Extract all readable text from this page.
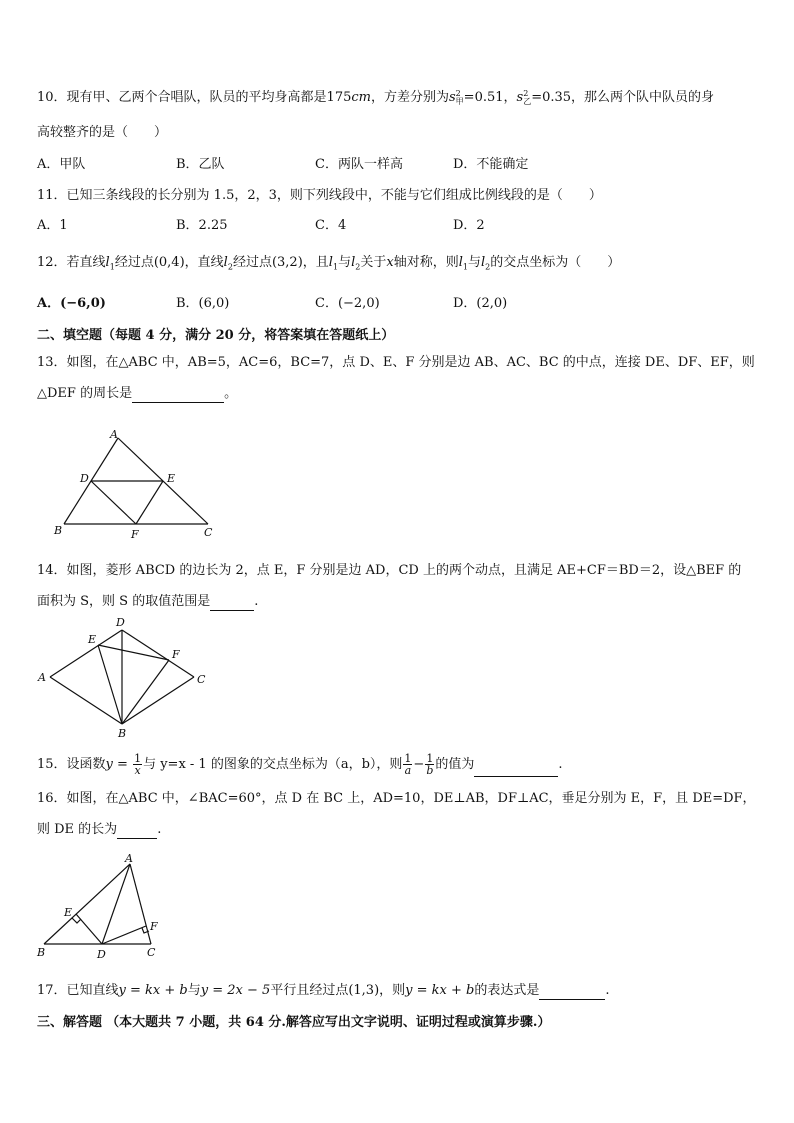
10．现有甲、乙两个合唱队，队员的平均身高都是175cm，方差分别为s 2
甲 =0.51，s 2
乙 =0.35，那么两个队中队员的身
高较整齐的是（　　）
A．甲队	B．乙队	C．两队一样高	D．不能确定
11．已知三条线段的长分别为 1.5，2，3，则下列线段中，不能与它们组成比例线段的是（　　）
A．1	B．2.25	C．4	D．2
12．若直线$l_1$经过点(0,4)，直线$l_2$经过点(3,2)，且$l_1$与$l_2$关于x轴对称，则$l_1$与$l_2$的交点坐标为（　　）
A．(−6,0)	B．(6,0)	C．(−2,0)	D．(2,0)
二、填空题（每题 4 分，满分 20 分，将答案填在答题纸上）
13．如图，在△ABC 中，AB=5，AC=6，BC=7，点 D、E、F 分别是边 AB、AC、BC 的中点，连接 DE、DF、EF，则
△DEF 的周长是	。
A
B	C
D	E
F
14．如图，菱形 ABCD 的边长为 2，点 E，F 分别是边 AD，CD 上的两个动点，且满足 AE+CF＝BD＝2，设△BEF 的
面积为 S，则 S 的取值范围是	.
A
B
C
D
E
F
15．设函数$y = \frac{1}{x}$ 与 y=x - 1 的图象的交点坐标为（a，b），则 $\frac{1}{a} - \frac{1}{b}$ 的值为	.
16．如图，在△ABC 中，∠BAC=60°，点 D 在 BC 上，AD=10，DE⊥AB，DF⊥AC，垂足分别为 E，F，且 DE=DF，
则 DE 的长为	.
A
B	C
D
E
F
17．已知直线y = kx + b与y = 2x − 5平行且经过点(1,3)，则y = kx + b的表达式是	.
三、解答题 （本大题共 7 小题，共 64 分.解答应写出文字说明、证明过程或演算步骤.）
